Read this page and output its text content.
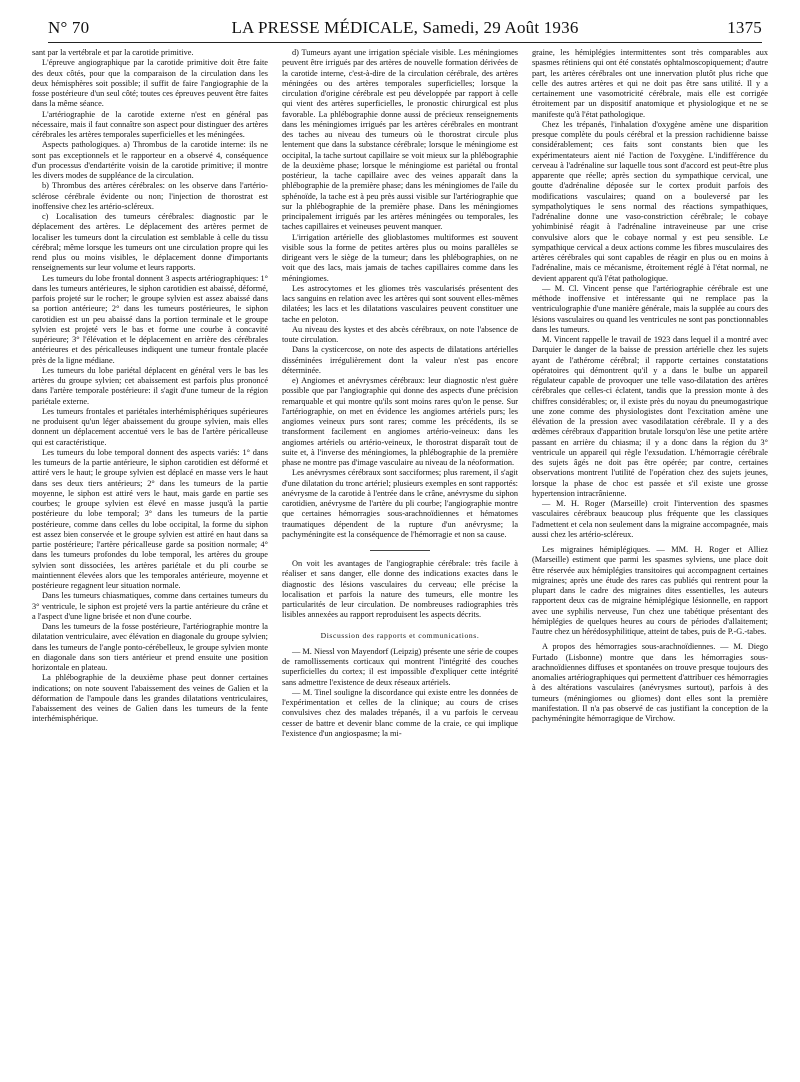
N° 70	LA PRESSE MÉDICALE, Samedi, 29 Août 1936	1375

sant par la vertébrale et par la carotide primitive.

L'épreuve angiographique par la carotide primitive doit être faite des deux côtés, pour que la comparaison de la circulation dans les deux hémisphères soit possible; il suffit de faire l'angiographie de la fosse postérieure d'un seul côté; toutes ces épreuves peuvent être faites dans la même séance.

L'artériographie de la carotide externe n'est en général pas nécessaire, mais il faut connaître son aspect pour distinguer des artères cérébrales les artères temporales superficielles et les méningées.

Aspects pathologiques. a) Thrombus de la carotide interne: ils ne sont pas exceptionnels et le rapporteur en a observé 4, conséquence d'un processus d'endartérite voisin de la carotide primitive; il montre les divers modes de suppléance de la circulation.

b) Thrombus des artères cérébrales: on les observe dans l'artério-sclérose cérébrale évidente ou non; l'injection de thorostrat est inoffensive chez les artério-scléreux.

c) Localisation des tumeurs cérébrales: diagnostic par le déplacement des artères. Le déplacement des artères permet de localiser les tumeurs dont la circulation est semblable à celle du tissu cérébral; même lorsque les tumeurs ont une circulation propre qui les rend plus ou moins visibles, le déplacement donne d'importants renseignements sur leur volume et leurs rapports.

Les tumeurs du lobe frontal donnent 3 aspects artériographiques: 1° dans les tumeurs antérieures, le siphon carotidien est abaissé, déformé, parfois projeté sur le rocher; le groupe sylvien est assez abaissé dans sa portion antérieure; 2° dans les tumeurs postérieures, le siphon carotidien est un peu abaissé dans la portion terminale et le groupe sylvien est projeté vers le bas et forme une courbe à concavité supérieure; 3° l'élévation et le déplacement en arrière des cérébrales antérieures et des péricalleuses indiquent une tumeur frontale placée près de la ligne médiane.

Les tumeurs du lobe pariétal déplacent en général vers le bas les artères du groupe sylvien; cet abaissement est parfois plus prononcé dans l'artère temporale postérieure: il s'agit d'une tumeur de la région pariétale externe.

Les tumeurs frontales et pariétales interhémisphériques supérieures ne produisent qu'un léger abaissement du groupe sylvien, mais elles donnent un déplacement accentué vers le bas de l'artère péricalleuse qui est caractéristique.

Les tumeurs du lobe temporal donnent des aspects variés: 1° dans les tumeurs de la partie antérieure, le siphon carotidien est déformé et attiré vers le haut; le groupe sylvien est déplacé en masse vers le haut dans ses deux tiers antérieurs; 2° dans les tumeurs de la partie moyenne, le siphon est attiré vers le haut, mais garde en partie ses courbes; le groupe sylvien est élevé en masse jusqu'à la partie postérieure du lobe temporal; 3° dans les tumeurs de la partie postérieure, comme dans celles du lobe occipital, la forme du siphon est assez bien conservée et le groupe sylvien est attiré en haut dans sa partie postérieure; l'artère péricalleuse garde sa position normale; 4° dans les tumeurs profondes du lobe temporal, les artères du groupe sylvien sont dissociées, les artères pariétale et du pli courbe se maintiennent élevées alors que les temporales antérieure, moyenne et postérieure regagnent leur situation normale.

Dans les tumeurs chiasmatiques, comme dans certaines tumeurs du 3° ventricule, le siphon est projeté vers la partie antérieure du crâne et a l'aspect d'une ligne brisée et non d'une courbe.

Dans les tumeurs de la fosse postérieure, l'artériographie montre la dilatation ventriculaire, avec élévation en diagonale du groupe sylvien; dans les tumeurs de l'angle ponto-cérébelleux, le groupe sylvien monte en diagonale dans son tiers antérieur et prend ensuite une position horizontale en plateau.

La phlébographie de la deuxième phase peut donner certaines indications; on note souvent l'abaissement des veines de Galien et la déformation de l'ampoule dans les grandes dilatations ventriculaires, l'abaissement des veines de Galien dans les tumeurs de la fente interhémisphérique.

d) Tumeurs ayant une irrigation spéciale visible. Les méningiomes peuvent être irrigués par des artères de nouvelle formation dérivées de la carotide interne, c'est-à-dire de la circulation cérébrale, des artères méningées ou des artères temporales superficielles; lorsque la circulation d'origine cérébrale est peu développée par rapport à celle qui vient des artères superficielles, le pronostic chirurgical est plus favorable. La phlébographie donne aussi de précieux renseignements dans les méningiomes irrigués par les artères cérébrales en montrant des taches au niveau des tumeurs où le thorostrat circule plus lentement que dans la substance cérébrale; lorsque le méningiome est occipital, la tache surtout capillaire se voit mieux sur la phlébographie de la deuxième phase; lorsque le méningiome est pariétal ou frontal postérieur, la tache capillaire avec des veines apparaît dans la phlébographie de la première phase; dans les méningiomes de l'aile du sphénoïde, la tache est à peu près aussi visible sur l'artériographie que sur la phlébographie de la première phase. Dans les méningiomes principalement irrigués par les artères méningées ou temporales, les taches capillaires et veineuses peuvent manquer.

L'irrigation artérielle des glioblastomes multiformes est souvent visible sous la forme de petites artères plus ou moins parallèles se dirigeant vers le siège de la tumeur; dans les phlébographies, on ne voit que des lacs, mais jamais de taches capillaires comme dans les méningiomes.

Les astrocytomes et les gliomes très vascularisés présentent des lacs sanguins en relation avec les artères qui sont souvent elles-mêmes dilatées; les lacs et les dilatations vasculaires peuvent constituer une tache en peloton.

Au niveau des kystes et des abcès cérébraux, on note l'absence de toute circulation.

Dans la cysticercose, on note des aspects de dilatations artérielles disséminées irrégulièrement dont la valeur n'est pas encore déterminée.

e) Angiomes et anévrysmes cérébraux: leur diagnostic n'est guère possible que par l'angiographie qui donne des aspects d'une précision remarquable et qui montre qu'ils sont moins rares qu'on le pense. Sur l'artériographie, on met en évidence les angiomes artériels purs; les angiomes veineux purs sont rares; comme les précédents, ils se transforment facilement en angiomes artério-veineux: dans les angiomes artériels ou artério-veineux, le thorostrat disparaît tout de suite et, à l'inverse des méningiomes, la phlébographie de la première phase ne montre pas d'image vasculaire au niveau de la néoformation.

Les anévrysmes cérébraux sont sacciformes; plus rarement, il s'agit d'une dilatation du tronc artériel; plusieurs exemples en sont rapportés: anévrysme de la carotide à l'entrée dans le crâne, anévrysme du siphon carotidien, anévrysme de l'artère du pli courbe; l'angiographie montre que certaines hémorragies sous-arachnoïdiennes et hématomes traumatiques dépendent de la rupture d'un anévrysme; la pachyméningite est la conséquence de l'hémorragie et non sa cause.

On voit les avantages de l'angiographie cérébrale: très facile à réaliser et sans danger, elle donne des indications exactes dans le diagnostic des lésions vasculaires du cerveau; elle précise la localisation et parfois la nature des tumeurs, elle montre les particularités de leur circulation. De nombreuses radiographies très lisibles annexées au rapport reproduisent les aspects décrits.

Discussion des rapports et communications.

— M. Niessl von Mayendorf (Leipzig) présente une série de coupes de ramollissements corticaux qui montrent l'intégrité des couches superficielles du cortex; il est impossible d'expliquer cette intégrité sans admettre l'existence de deux réseaux artériels.

— M. Tinel souligne la discordance qui existe entre les données de l'expérimentation et celles de la clinique; au cours de crises convulsives chez des malades trépanés, il a vu parfois le cerveau cesser de battre et devenir blanc comme de la craie, ce qui implique l'existence d'un angiospasme; la mi-

graine, les hémiplégies intermittentes sont très comparables aux spasmes rétiniens qui ont été constatés ophtalmoscopiquement; d'autre part, les artères cérébrales ont une innervation plutôt plus riche que celle des autres artères et qui ne doit pas être sans utilité. Il y a certainement une vasomotricité cérébrale, mais elle est corrigée étroitement par un dispositif anatomique et physiologique et ne se manifeste qu'à l'état pathologique.

Chez les trépanés, l'inhalation d'oxygène amène une disparition presque complète du pouls cérébral et la pression rachidienne baisse considérablement; ces faits sont constants bien que les expérimentateurs aient nié l'action de l'oxygène. L'indifférence du cerveau à l'adrénaline sur laquelle tous sont d'accord est peut-être plus apparente que réelle; après section du sympathique cervical, une goutte d'adrénaline déposée sur le cortex produit parfois des modifications vasculaires; quand on a bouleversé par les sympatholytiques le sens normal des réactions sympathiques, l'adrénaline donne une vaso-constriction cérébrale; le cobaye yohimbinisé réagit à l'adrénaline intraveineuse par une crise convulsive alors que le cobaye normal y est peu sensible. Le sympathique cervical a deux actions comme les fibres musculaires des artères cérébrales qui sont capables de réagir en plus ou en moins à l'adrénaline, mais ce mécanisme, étroitement réglé à l'état normal, ne devient apparent qu'à l'état pathologique.

— M. Cl. Vincent pense que l'artériographie cérébrale est une méthode inoffensive et intéressante qui ne remplace pas la ventriculographie d'une manière générale, mais la supplée au cours des lésions vasculaires ou quand les ventricules ne sont pas ponctionnables dans les tumeurs.

M. Vincent rappelle le travail de 1923 dans lequel il a montré avec Darquier le danger de la baisse de pression artérielle chez les sujets ayant de l'athérome cérébral; il rapporte certaines constatations opératoires qui démontrent qu'il y a dans le bulbe un appareil régulateur capable de provoquer une telle vaso-dilatation des artères cérébrales que celles-ci éclatent, tandis que la pression monte à des chiffres considérables; or, il existe près du noyau du pneumogastrique une zone comme des physiologistes dont l'excitation amène une élévation de la pression avec vasodilatation cérébrale. Il y a des œdèmes cérébraux d'apparition brutale lorsqu'on lèse une petite artère passant en arrière du chiasma; il y a donc dans la région du 3° ventricule un appareil qui règle l'exsudation. L'hémorragie cérébrale des sujets âgés ne doit pas être opérée; par contre, certaines observations montrent l'utilité de l'opération chez des sujets jeunes, lorsque la phase de choc est passée et s'il existe une grosse hypertension intracrânienne.

— M. H. Roger (Marseille) croit l'intervention des spasmes vasculaires cérébraux beaucoup plus fréquente que les classiques l'admettent et cela non seulement dans la migraine accompagnée, mais aussi chez les artério-scléreux.

Les migraines hémiplégiques. — MM. H. Roger et Alliez (Marseille) estiment que parmi les spasmes sylviens, une place doit être réservée aux hémiplégies transitoires qui accompagnent certaines migraines; après une étude des rares cas publiés qui rentrent pour la plupart dans le cadre des migraines dites essentielles, les auteurs rapportent deux cas de migraine hémiplégique lésionnelle, en rapport avec une syphilis nerveuse, l'un chez une tabétique présentant des hémiplégies de quelques heures au cours de périodes d'allaitement; l'autre chez un hérédosyphilitique, atteint de tabes, puis de P.-G.-tabes.

A propos des hémorragies sous-arachnoïdiennes. — M. Diego Furtado (Lisbonne) montre que dans les hémorragies sous-arachnoïdiennes diffuses et spontanées on trouve presque toujours des anomalies artériographiques qui permettent d'attribuer ces hémorragies à des altérations vasculaires (anévrysmes surtout), parfois à des tumeurs (méningiomes ou gliomes) dont elles sont la première manifestation. Il n'a pas observé de cas justifiant la conception de la pachyméningite hémorragique de Virchow.
